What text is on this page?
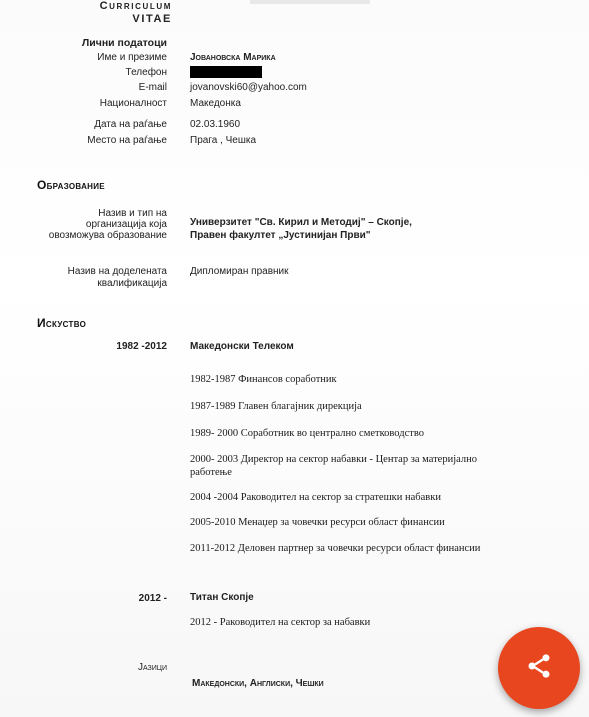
Curriculum
VITAE
Лични податоци
Име и презиме Јовановска Марика
Телефон
E-mail jovanovski60@yahoo.com
Националност Македонка
Дата на раѓање 02.03.1960
Место на раѓање Прага , Чешка
Образование
Назив и тип на
организација која
овозможува образование
Универзитет "Св. Кирил и Методиј" – Скопје,
Правен факултет „Јустинијан Први"
Назив на доделената
квалификација
Дипломиран правник
Искуство
1982 -2012 Македонски Телеком
1982-1987 Финансов соработник
1987-1989 Главен благајник дирекција
1989- 2000 Соработник во централно сметководство
2000- 2003 Директор на сектор набавки - Центар за материјално
работење
2004 -2004 Раководител на сектор за стратешки набавки
2005-2010 Менаџер за човечки ресурси област финансии
2011-2012 Деловен партнер за човечки ресурси област финансии
2012 - Титан Скопје
2012 - Раководител на сектор за набавки
Јазици
Македонски, Англиски, Чешки
